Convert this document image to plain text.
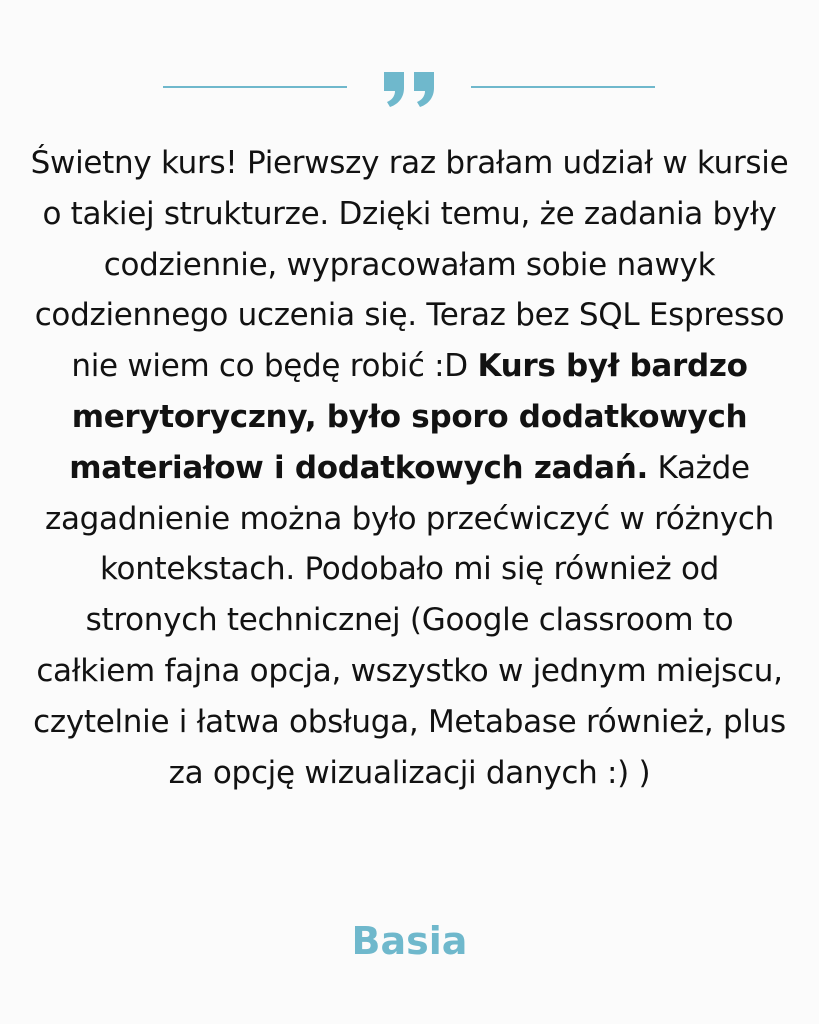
Świetny kurs! Pierwszy raz brałam udział w kursie o takiej strukturze. Dzięki temu, że zadania były codziennie, wypracowałam sobie nawyk codziennego uczenia się. Teraz bez SQL Espresso nie wiem co będę robić :D Kurs był bardzo merytoryczny, było sporo dodatkowych materiałow i dodatkowych zadań. Każde zagadnienie można było przećwiczyć w różnych kontekstach. Podobało mi się również od stronych technicznej (Google classroom to całkiem fajna opcja, wszystko w jednym miejscu, czytelnie i łatwa obsługa, Metabase również, plus za opcję wizualizacji danych :) )

Basia
